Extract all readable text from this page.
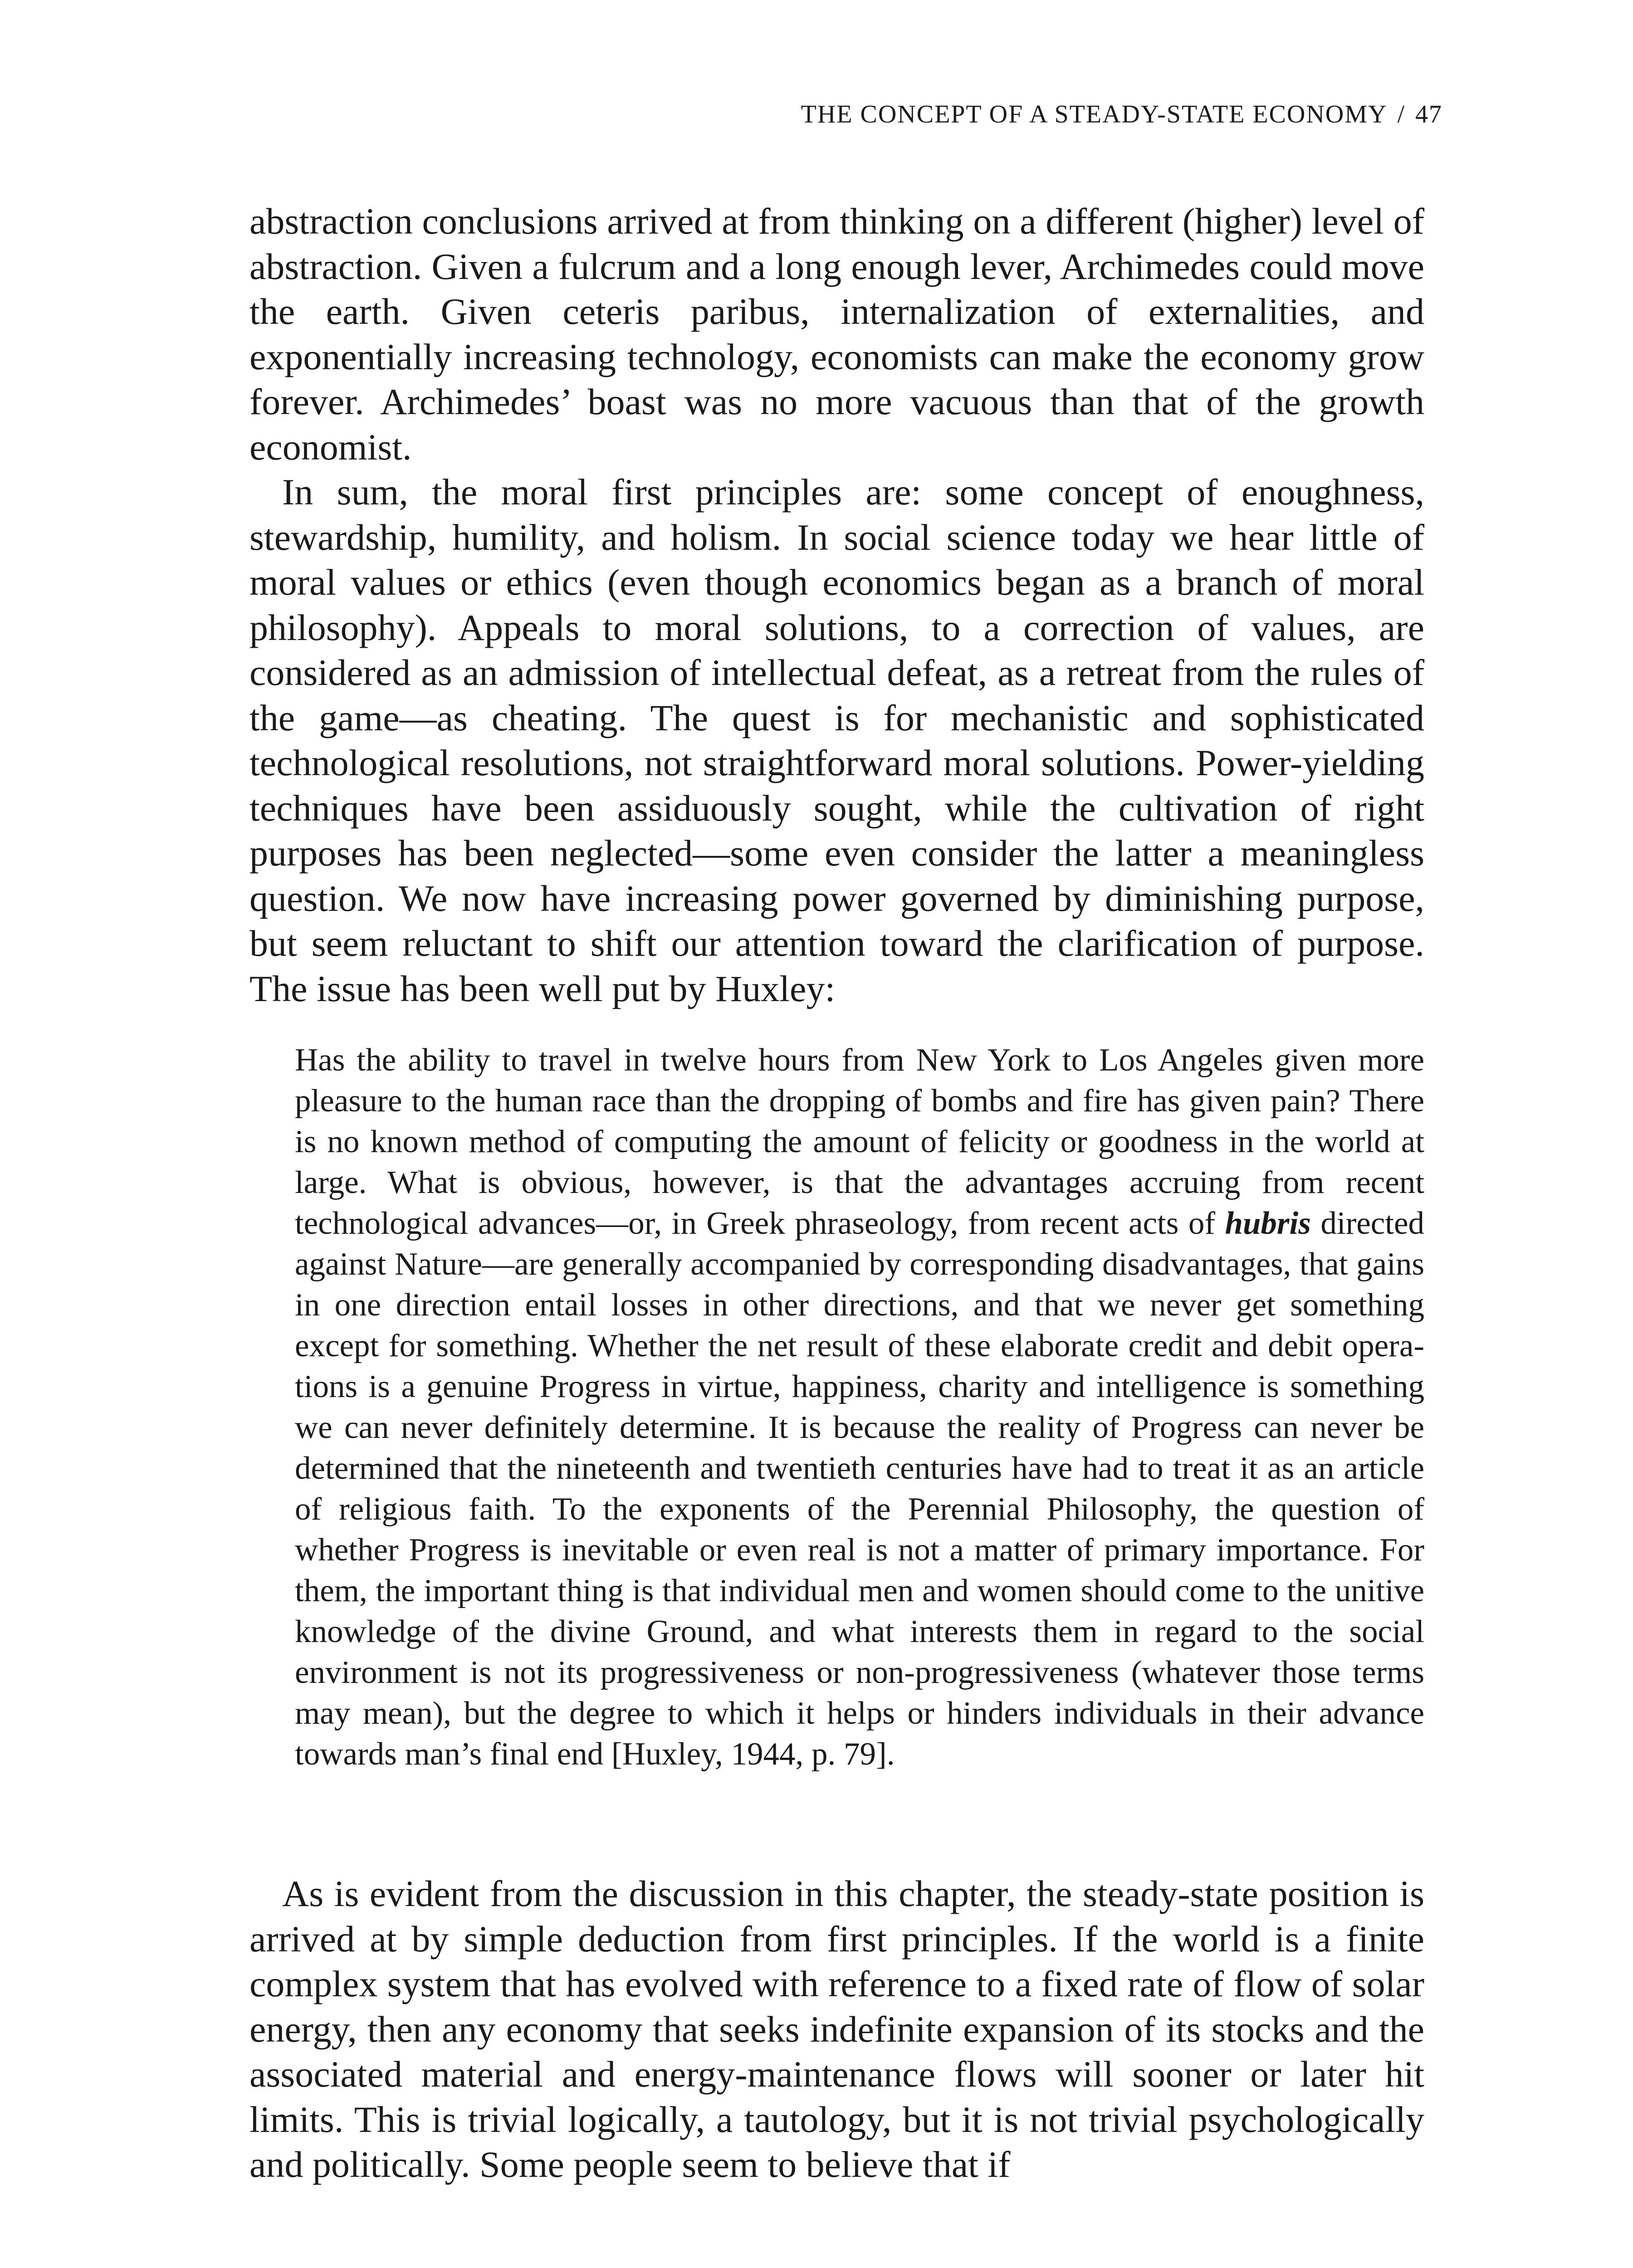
THE CONCEPT OF A STEADY-STATE ECONOMY / 47

abstraction conclusions arrived at from thinking on a different (higher) level of abstraction. Given a fulcrum and a long enough lever, Archimedes could move the earth. Given ceteris paribus, internalization of externalities, and exponentially increasing technology, economists can make the economy grow forever. Archimedes’ boast was no more vacuous than that of the growth economist.

In sum, the moral first principles are: some concept of enoughness, stewardship, humility, and holism. In social science today we hear little of moral values or ethics (even though economics began as a branch of moral philosophy). Appeals to moral solutions, to a correction of values, are considered as an admission of intellectual defeat, as a retreat from the rules of the game—as cheating. The quest is for mechanistic and sophisticated technological resolutions, not straightforward moral solutions. Power-yielding techniques have been assiduously sought, while the cultivation of right purposes has been neglected—some even consider the latter a meaningless question. We now have increasing power governed by diminishing purpose, but seem reluctant to shift our attention toward the clarification of purpose. The issue has been well put by Huxley:

Has the ability to travel in twelve hours from New York to Los Angeles given more pleasure to the human race than the dropping of bombs and fire has given pain? There is no known method of computing the amount of felicity or goodness in the world at large. What is obvious, however, is that the advantages accruing from recent technological advances—or, in Greek phraseology, from recent acts of hubris directed against Nature—are generally accompanied by corresponding disadvantages, that gains in one direction entail losses in other directions, and that we never get something except for something. Whether the net result of these elaborate credit and debit operations is a genuine Progress in virtue, happiness, charity and intelligence is something we can never definitely determine. It is because the reality of Progress can never be determined that the nineteenth and twentieth centuries have had to treat it as an article of religious faith. To the exponents of the Perennial Philosophy, the question of whether Progress is inevitable or even real is not a matter of primary importance. For them, the important thing is that individual men and women should come to the unitive knowledge of the divine Ground, and what interests them in regard to the social environment is not its progressiveness or non-progressiveness (whatever those terms may mean), but the degree to which it helps or hinders individuals in their advance towards man’s final end [Huxley, 1944, p. 79].

As is evident from the discussion in this chapter, the steady-state position is arrived at by simple deduction from first principles. If the world is a finite complex system that has evolved with reference to a fixed rate of flow of solar energy, then any economy that seeks indefinite expansion of its stocks and the associated material and energy-maintenance flows will sooner or later hit limits. This is trivial logically, a tautology, but it is not trivial psychologically and politically. Some people seem to believe that if
